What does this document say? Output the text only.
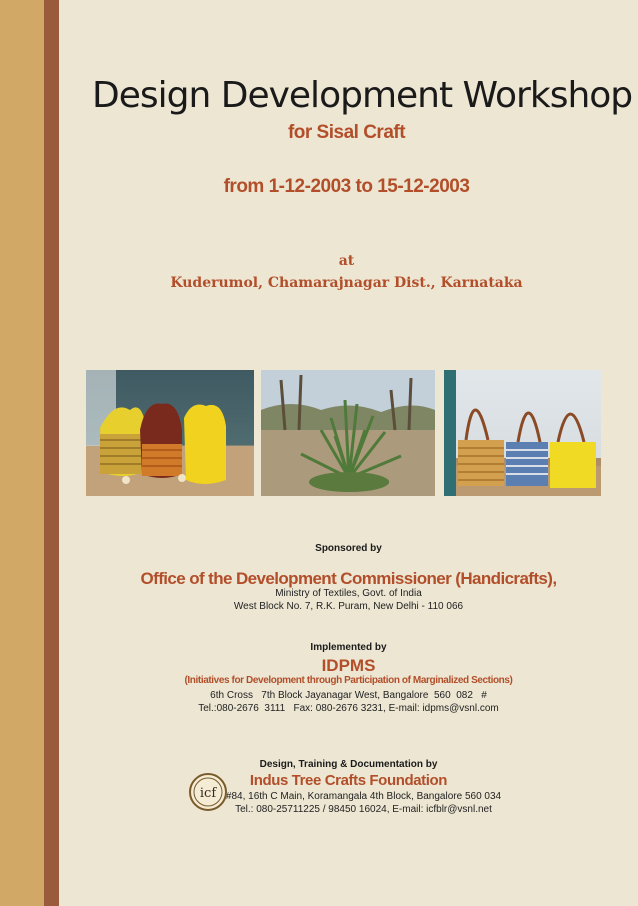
Design Development Workshop
for Sisal Craft
from 1-12-2003 to 15-12-2003
at
Kuderumol, Chamarajnagar Dist., Karnataka
Sponsored by
Office of the Development Commissioner (Handicrafts),
Ministry of Textiles, Govt. of India
West Block No. 7, R.K. Puram, New Delhi - 110 066
Implemented by
IDPMS
(Initiatives for Development through Participation of Marginalized Sections)
6th Cross   7th Block Jayanagar West, Bangalore  560  082   #
Tel.:080-2676  3111   Fax: 080-2676 3231, E-mail: idpms@vsnl.com
Design, Training & Documentation by
Indus Tree Crafts Foundation
#84, 16th C Main, Koramangala 4th Block, Bangalore 560 034
Tel.: 080-25711225 / 98450 16024, E-mail: icfblr@vsnl.net
icf
